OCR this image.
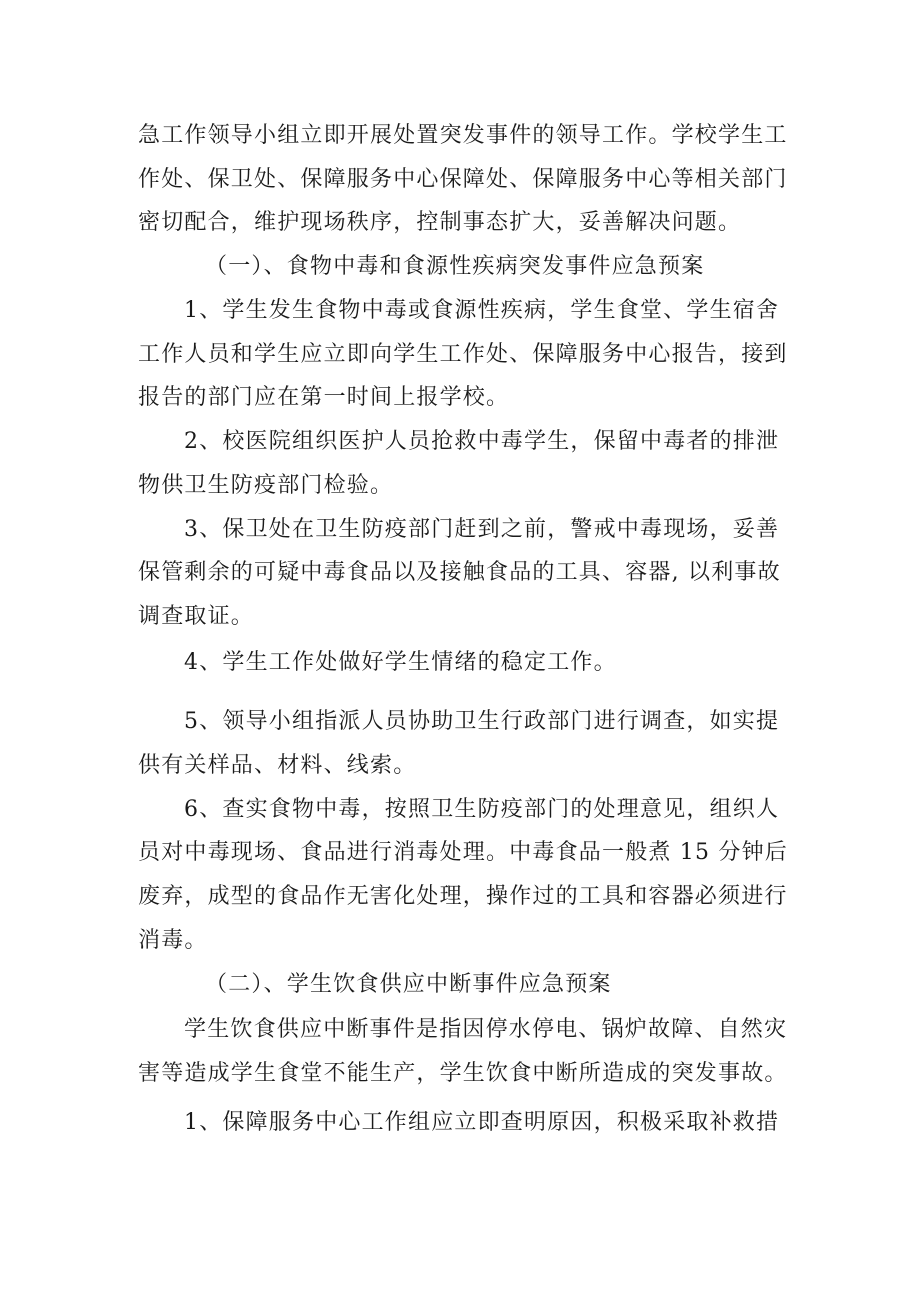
急工作领导小组立即开展处置突发事件的领导工作。学校学生工
作处、保卫处、保障服务中心保障处、保障服务中心等相关部门
密切配合，维护现场秩序，控制事态扩大，妥善解决问题。
（一）、食物中毒和食源性疾病突发事件应急预案
1、学生发生食物中毒或食源性疾病，学生食堂、学生宿舍
工作人员和学生应立即向学生工作处、保障服务中心报告，接到
报告的部门应在第一时间上报学校。
2、校医院组织医护人员抢救中毒学生，保留中毒者的排泄
物供卫生防疫部门检验。
3、保卫处在卫生防疫部门赶到之前，警戒中毒现场，妥善
保管剩余的可疑中毒食品以及接触食品的工具、容器, 以利事故
调查取证。
4、学生工作处做好学生情绪的稳定工作。
5、领导小组指派人员协助卫生行政部门进行调查，如实提
供有关样品、材料、线索。
6、查实食物中毒，按照卫生防疫部门的处理意见，组织人
员对中毒现场、食品进行消毒处理。中毒食品一般煮 15 分钟后
废弃，成型的食品作无害化处理，操作过的工具和容器必须进行
消毒。
（二）、学生饮食供应中断事件应急预案
学生饮食供应中断事件是指因停水停电、锅炉故障、自然灾
害等造成学生食堂不能生产，学生饮食中断所造成的突发事故。
1、保障服务中心工作组应立即查明原因，积极采取补救措
